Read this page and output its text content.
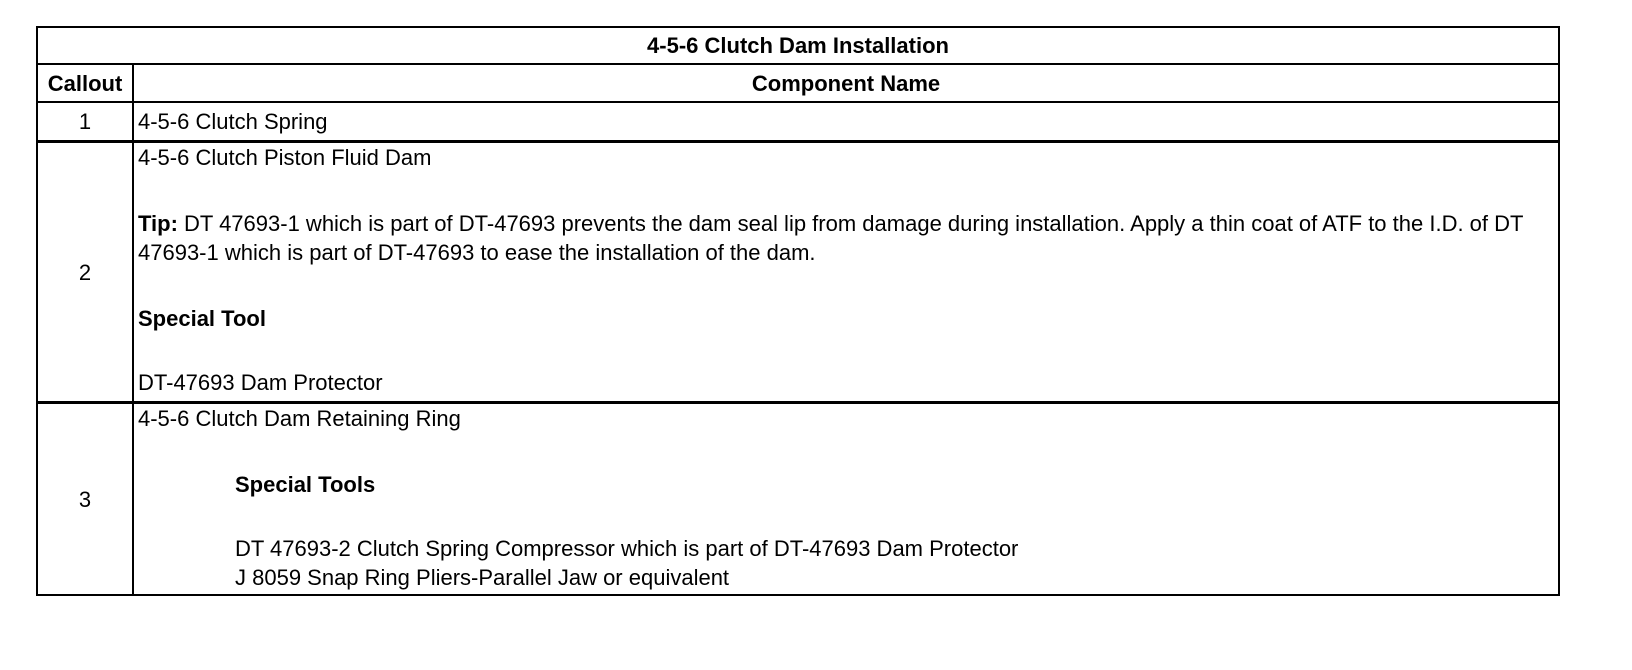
4-5-6 Clutch Dam Installation	
Callout	Component Name
1	4-5-6 Clutch Spring
2	4-5-6 Clutch Piston Fluid Dam
Tip: DT 47693-1 which is part of DT-47693 prevents the dam seal lip from damage during installation. Apply a thin coat of ATF to the I.D. of DT 47693-1 which is part of DT-47693 to ease the installation of the dam.
Special Tool
DT-47693 Dam Protector

3	4-5-6 Clutch Dam Retaining Ring
Special Tools
DT 47693-2 Clutch Spring Compressor which is part of DT-47693 Dam Protector
J 8059 Snap Ring Pliers-Parallel Jaw or equivalent
